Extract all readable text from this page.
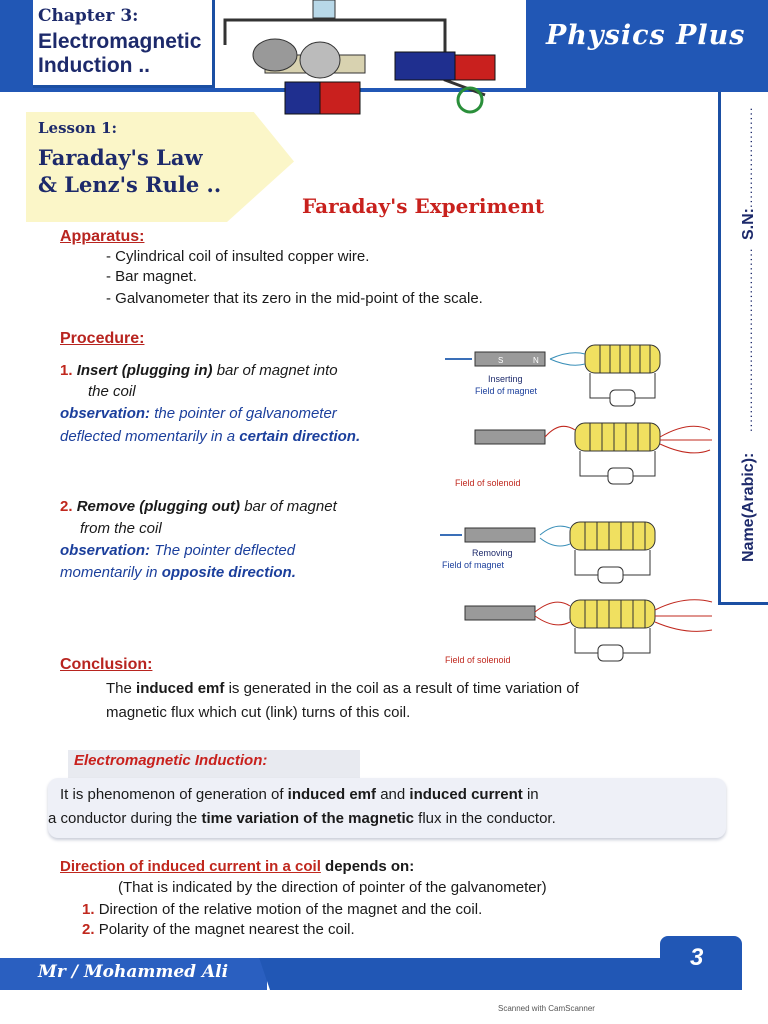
Chapter 3:
Electromagnetic
Induction ..
Physics Plus
Lesson 1:
Faraday's Law
& Lenz's Rule ..
S.N:
......................
Name(Arabic):
........................................
Faraday's Experiment
Apparatus:
- Cylindrical coil of insulted copper wire.
- Bar magnet.
- Galvanometer that its zero in the mid-point of the scale.
Procedure:
1. Insert (plugging in) bar of magnet into
the coil
observation: the pointer of galvanometer
deflected momentarily in a certain direction.
2. Remove (plugging out) bar of magnet
from the coil
observation: The pointer deflected
momentarily in opposite direction.
S	N
Inserting
Field of magnet
Field of solenoid
Removing
Field of magnet
Field of solenoid
Conclusion:
The induced emf is generated in the coil as a result of time variation of
magnetic flux which cut (link) turns of this coil.
Electromagnetic Induction:
It is phenomenon of generation of induced emf and induced current in
a conductor during the time variation of the magnetic flux in the conductor.
Direction of induced current in a coil depends on:
(That is indicated by the direction of pointer of the galvanometer)
1. Direction of the relative motion of the magnet and the coil.
2. Polarity of the magnet nearest the coil.
Mr / Mohammed Ali
3
Scanned with CamScanner
